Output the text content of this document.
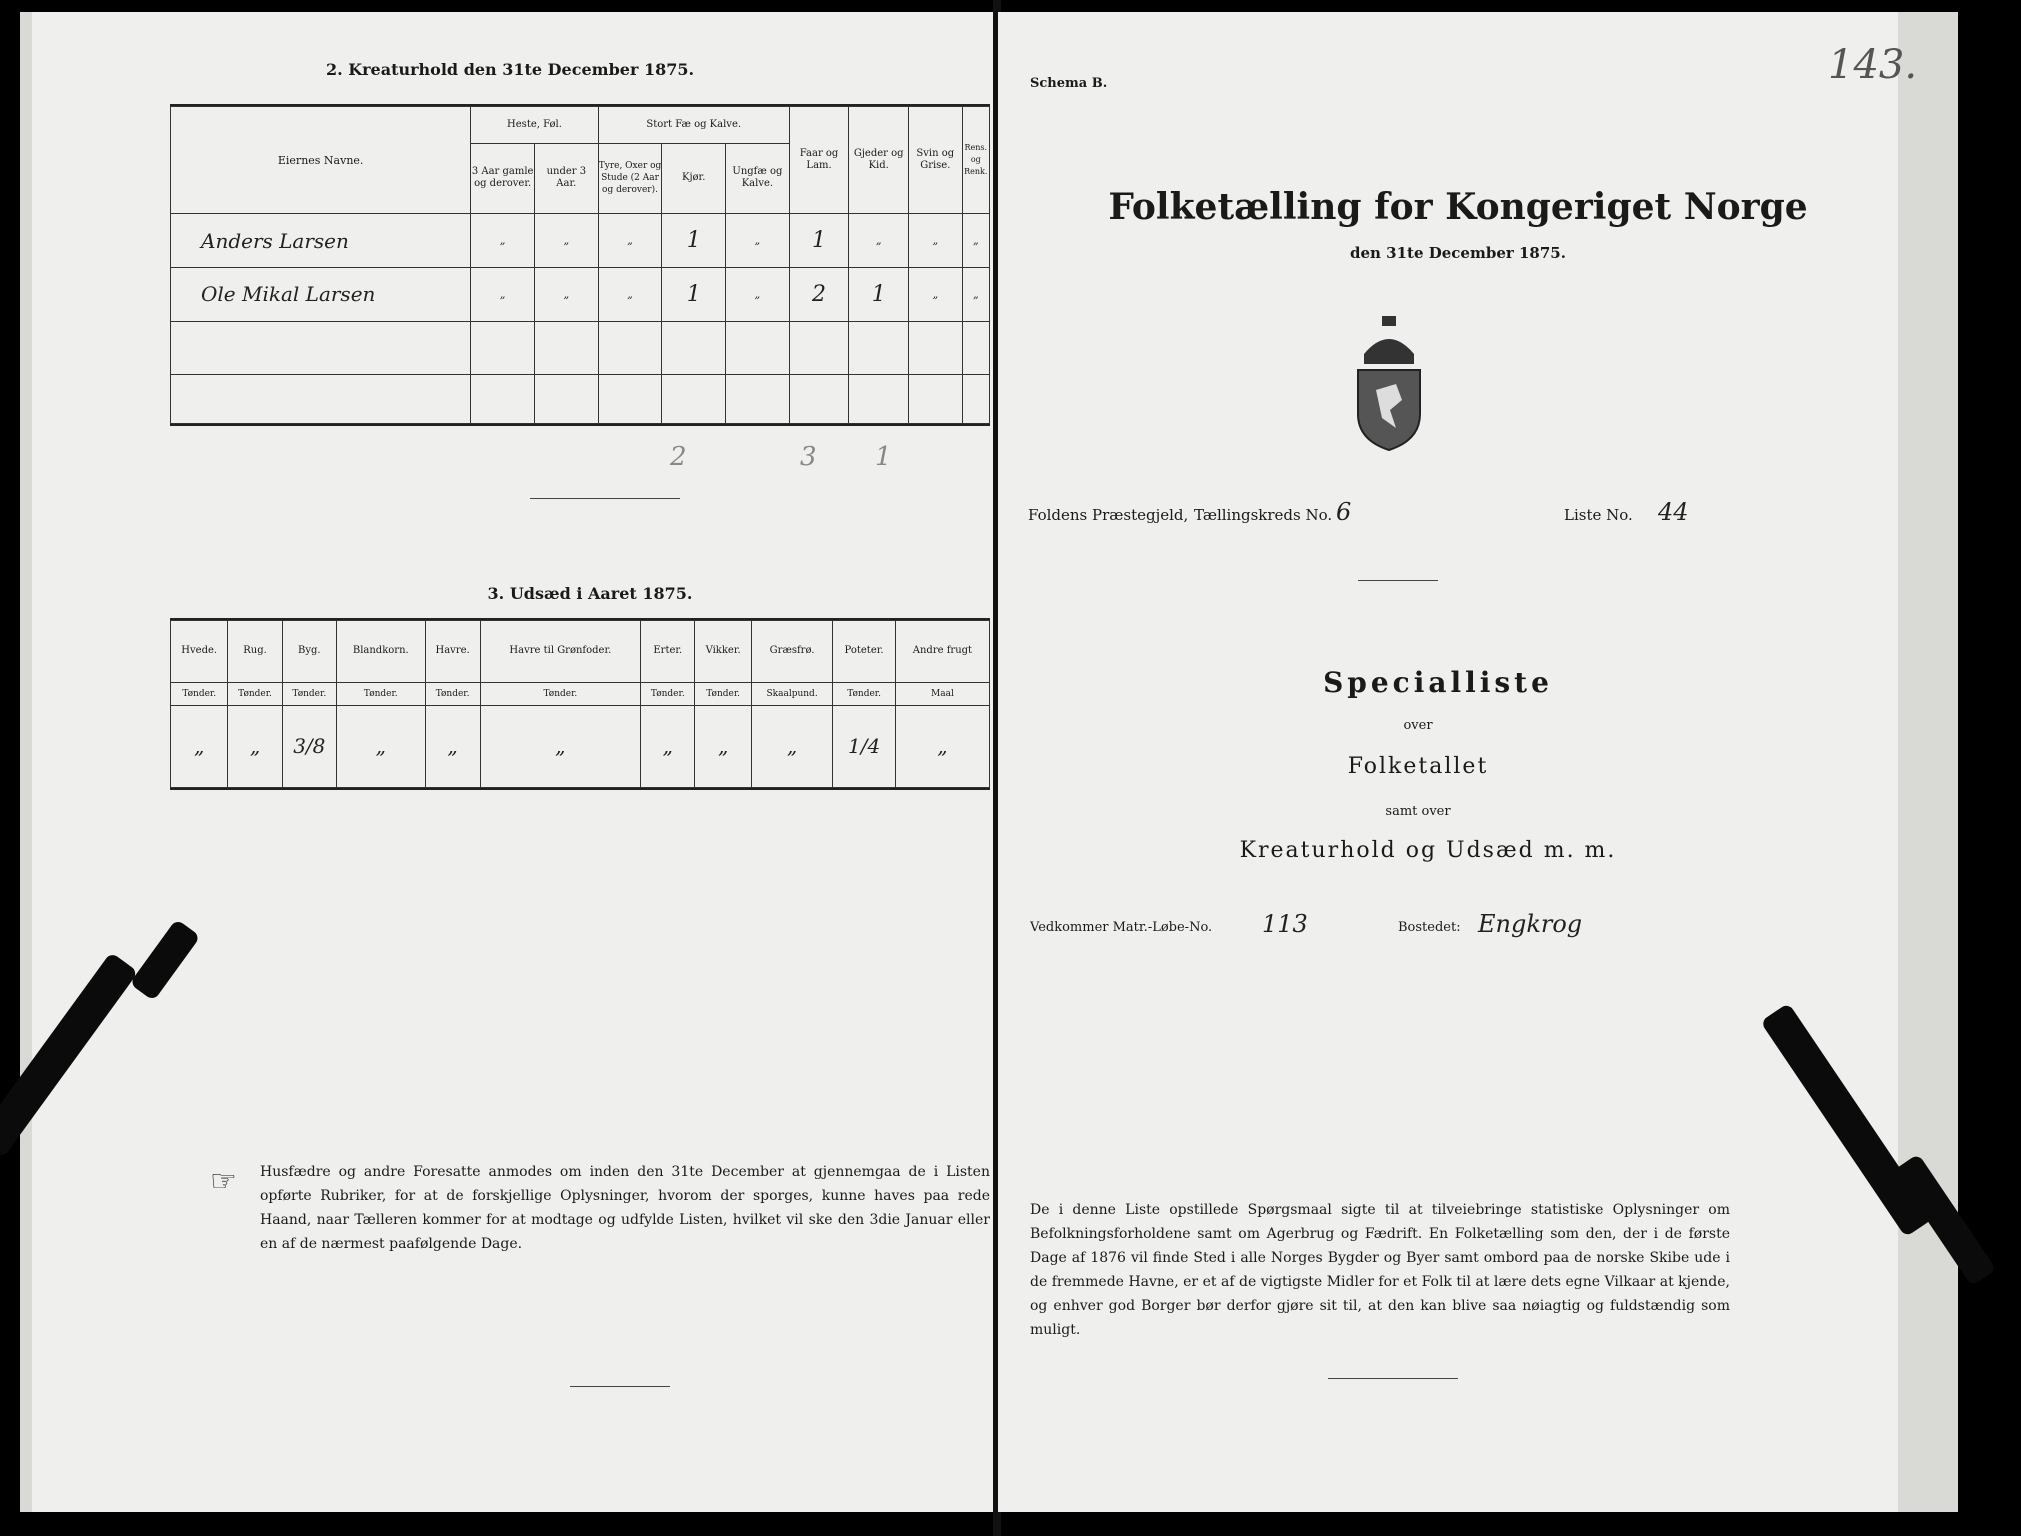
2. Kreaturhold den 31te December 1875.
Eiernes Navne.	Heste, Føl.		Stort Fæ og Kalve.			Faar og Lam.	Gjeder og Kid.	Svin og Grise.	Rens. og Renk.
	3 Aar gamle og derover.	under 3 Aar.	Tyre, Oxer og Stude (2 Aar og derover).	Kjør.	Ungfæ og Kalve.				
Anders Larsen	„	„	„	1	„	1	„	„	„
Ole Mikal Larsen	„	„	„	1	„	2	1	„	„

2	3 1
3. Udsæd i Aaret 1875.
Hvede.	Rug.	Byg.	Blandkorn.	Havre.	Havre til Grønfoder.	Erter.	Vikker.	Græsfrø.	Poteter.	Andre frugt
Tønder.	Tønder.	Tønder.	Tønder.	Tønder.	Tønder.	Tønder.	Tønder.	Skaalpund.	Tønder.	Maal
„	„	3/8	„	„	„	„	„	„	1/4	„
☞ Husfædre og andre Foresatte anmodes om inden den 31te December at gjennemgaa de i Listen opførte Rubriker, for at de forskjellige Oplysninger, hvorom der sporges, kunne haves paa rede Haand, naar Tælleren kommer for at modtage og udfylde Listen, hvilket vil ske den 3die Januar eller en af de nærmest paafølgende Dage.
Schema B.	143.
Folketælling for Kongeriget Norge
den 31te December 1875.
Foldens Præstegjeld, Tællingskreds No. 6	Liste No. 44
Specialliste
over
Folketallet
samt over
Kreaturhold og Udsæd m. m.
Vedkommer Matr.-Løbe-No. 113	Bostedet: Engkrog
De i denne Liste opstillede Spørgsmaal sigte til at tilveiebringe statistiske Oplysninger om Befolkningsforholdene samt om Agerbrug og Fædrift. En Folketælling som den, der i de første Dage af 1876 vil finde Sted i alle Norges Bygder og Byer samt ombord paa de norske Skibe ude i de fremmede Havne, er et af de vigtigste Midler for et Folk til at lære dets egne Vilkaar at kjende, og enhver god Borger bør derfor gjøre sit til, at den kan blive saa nøiagtig og fuldstændig som muligt.
